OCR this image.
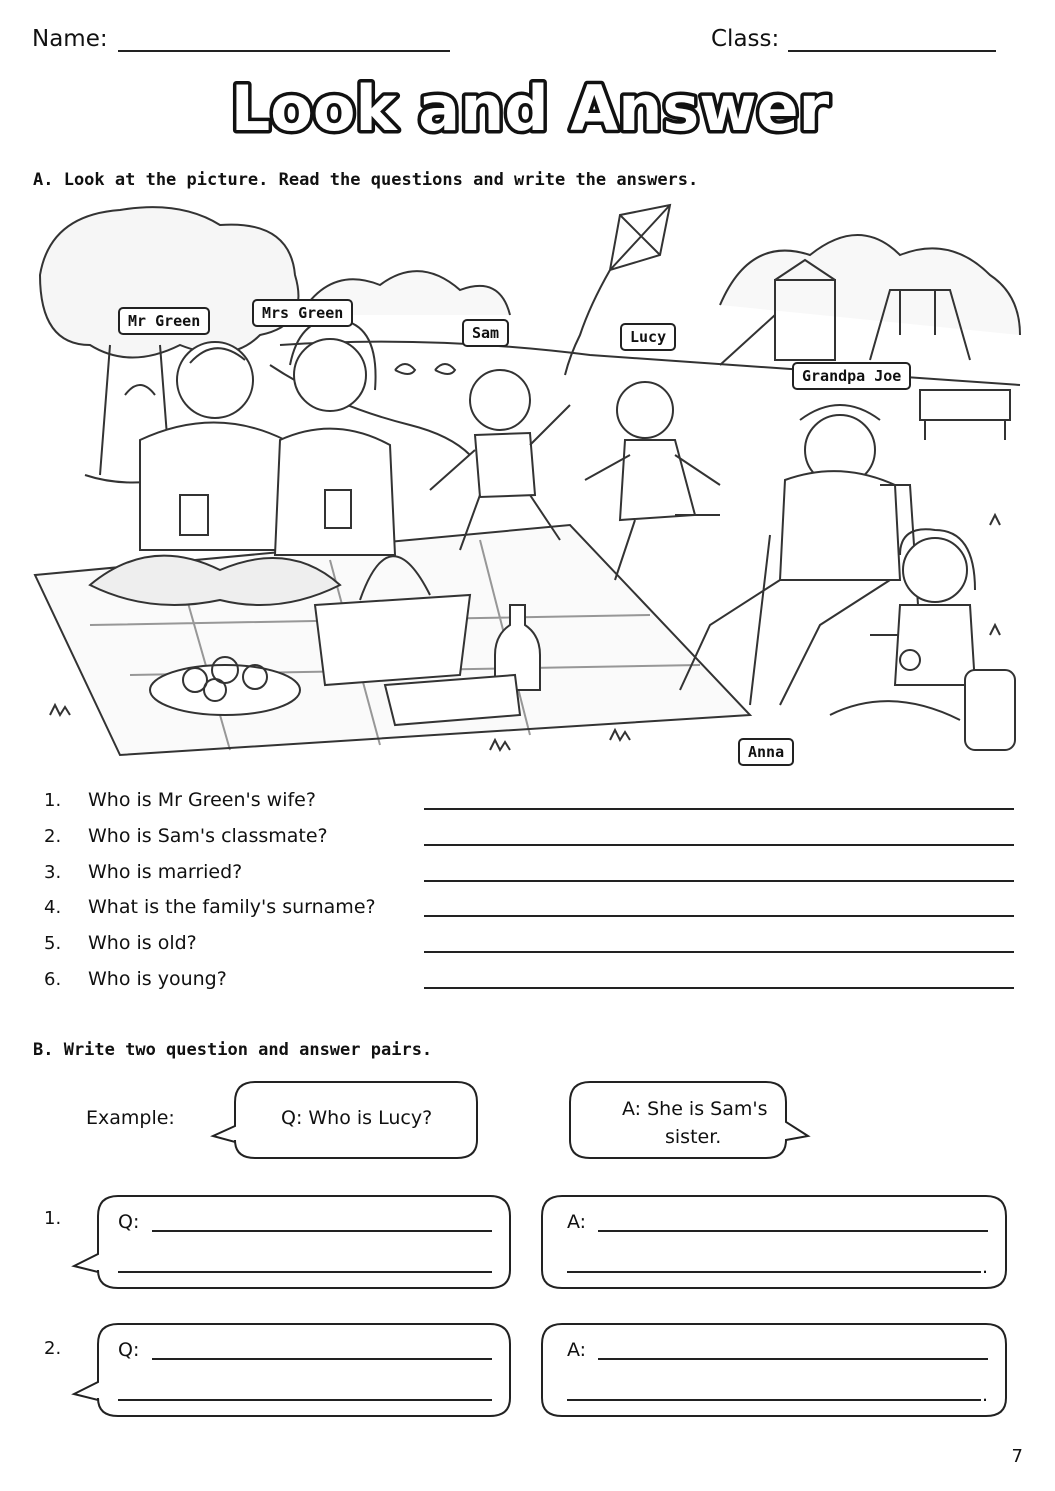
Name:	Class:
Look and Answer
A. Look at the picture. Read the questions and write the answers.
Mr Green	Mrs Green
Sam	Lucy
Grandpa Joe
Anna
1. Who is Mr Green's wife?
2. Who is Sam's classmate?
3. Who is married?
4. What is the family's surname?
5. Who is old?
6. Who is young?
B. Write two question and answer pairs.
Example:	Q: Who is Lucy?	A: She is Sam's
sister.
1.	Q:	A:
.
2.	Q:	A:
.
7
